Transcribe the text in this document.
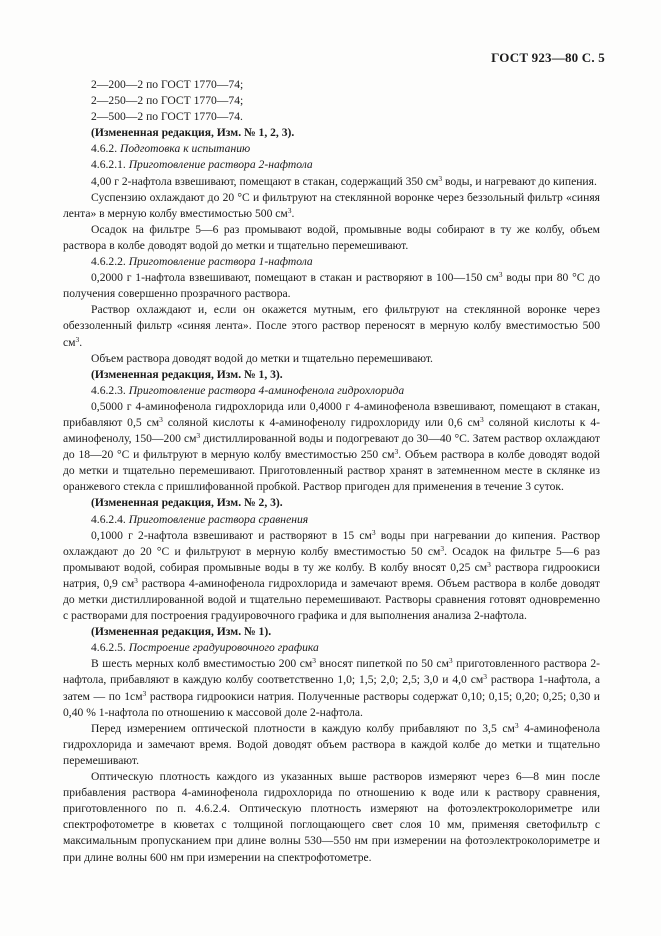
ГОСТ 923—80 С. 5

2—200—2 по ГОСТ 1770—74;

2—250—2 по ГОСТ 1770—74;

2—500—2 по ГОСТ 1770—74.

(Измененная редакция, Изм. № 1, 2, 3).

4.6.2. Подготовка к испытанию

4.6.2.1. Приготовление раствора 2-нафтола

4,00 г 2-нафтола взвешивают, помещают в стакан, содержащий 350 $см^3$ воды, и нагревают до кипения.

Суспензию охлаждают до 20 °С и фильтруют на стеклянной воронке через беззольный фильтр «синяя лента» в мерную колбу вместимостью 500 $см^3$.

Осадок на фильтре 5—6 раз промывают водой, промывные воды собирают в ту же колбу, объем раствора в колбе доводят водой до метки и тщательно перемешивают.

4.6.2.2. Приготовление раствора 1-нафтола

0,2000 г 1-нафтола взвешивают, помещают в стакан и растворяют в 100—150 $см^3$ воды при 80 °С до получения совершенно прозрачного раствора.

Раствор охлаждают и, если он окажется мутным, его фильтруют на стеклянной воронке через обеззоленный фильтр «синяя лента». После этого раствор переносят в мерную колбу вместимостью 500 $см^3$.

Объем раствора доводят водой до метки и тщательно перемешивают.

(Измененная редакция, Изм. № 1, 3).

4.6.2.3. Приготовление раствора 4-аминофенола гидрохлорида

0,5000 г 4-аминофенола гидрохлорида или 0,4000 г 4-аминофенола взвешивают, помещают в стакан, прибавляют 0,5 $см^3$ соляной кислоты к 4-аминофенолу гидрохлориду или 0,6 $см^3$ соляной кислоты к 4-аминофенолу, 150—200 $см^3$ дистиллированной воды и подогревают до 30—40 °С. Затем раствор охлаждают до 18—20 °С и фильтруют в мерную колбу вместимостью 250 $см^3$. Объем раствора в колбе доводят водой до метки и тщательно перемешивают. Приготовленный раствор хранят в затемненном месте в склянке из оранжевого стекла с пришлифованной пробкой. Раствор пригоден для применения в течение 3 суток.

(Измененная редакция, Изм. № 2, 3).

4.6.2.4. Приготовление раствора сравнения

0,1000 г 2-нафтола взвешивают и растворяют в 15 $см^3$ воды при нагревании до кипения. Раствор охлаждают до 20 °С и фильтруют в мерную колбу вместимостью 50 $см^3$. Осадок на фильтре 5—6 раз промывают водой, собирая промывные воды в ту же колбу. В колбу вносят 0,25 $см^3$ раствора гидроокиси натрия, 0,9 $см^3$ раствора 4-аминофенола гидрохлорида и замечают время. Объем раствора в колбе доводят до метки дистиллированной водой и тщательно перемешивают. Растворы сравнения готовят одновременно с растворами для построения градуировочного графика и для выполнения анализа 2-нафтола.

(Измененная редакция, Изм. № 1).

4.6.2.5. Построение градуировочного графика

В шесть мерных колб вместимостью 200 $см^3$ вносят пипеткой по 50 $см^3$ приготовленного раствора 2-нафтола, прибавляют в каждую колбу соответственно 1,0; 1,5; 2,0; 2,5; 3,0 и 4,0 $см^3$ раствора 1-нафтола, а затем — по $1см^3$ раствора гидроокиси натрия. Полученные растворы содержат 0,10; 0,15; 0,20; 0,25; 0,30 и 0,40 % 1-нафтола по отношению к массовой доле 2-нафтола.

Перед измерением оптической плотности в каждую колбу прибавляют по 3,5 $см^3$ 4-аминофенола гидрохлорида и замечают время. Водой доводят объем раствора в каждой колбе до метки и тщательно перемешивают.

Оптическую плотность каждого из указанных выше растворов измеряют через 6—8 мин после прибавления раствора 4-аминофенола гидрохлорида по отношению к воде или к раствору сравнения, приготовленного по п. 4.6.2.4. Оптическую плотность измеряют на фотоэлектроколориметре или спектрофотометре в кюветах с толщиной поглощающего свет слоя 10 мм, применяя светофильтр с максимальным пропусканием при длине волны 530—550 нм при измерении на фотоэлектроколориметре и при длине волны 600 нм при измерении на спектрофотометре.
